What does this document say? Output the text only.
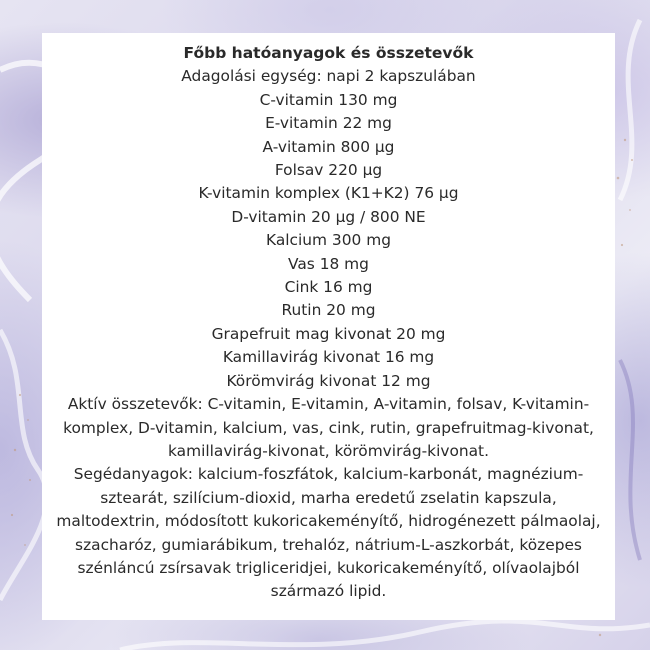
Főbb hatóanyagok és összetevők

Adagolási egység: napi 2 kapszulában

C-vitamin 130 mg

E-vitamin 22 mg

A-vitamin 800 µg

Folsav 220 µg

K-vitamin komplex (K1+K2) 76 µg

D-vitamin 20 µg / 800 NE

Kalcium 300 mg

Vas 18 mg

Cink 16 mg

Rutin 20 mg

Grapefruit mag kivonat 20 mg

Kamillavirág kivonat 16 mg

Körömvirág kivonat 12 mg

Aktív összetevők: C-vitamin, E-vitamin, A-vitamin, folsav, K-vitamin-komplex, D-vitamin, kalcium, vas, cink, rutin, grapefruitmag-kivonat, kamillavirág-kivonat, körömvirág-kivonat.

Segédanyagok: kalcium-foszfátok, kalcium-karbonát, magnézium-sztearát, szilícium-dioxid, marha eredetű zselatin kapszula, maltodextrin, módosított kukoricakeményítő, hidrogénezett pálmaolaj, szacharóz, gumiarábikum, trehalóz, nátrium-L-aszkorbát, közepes szénláncú zsírsavak trigliceridjei, kukoricakeményítő, olívaolajból származó lipid.
